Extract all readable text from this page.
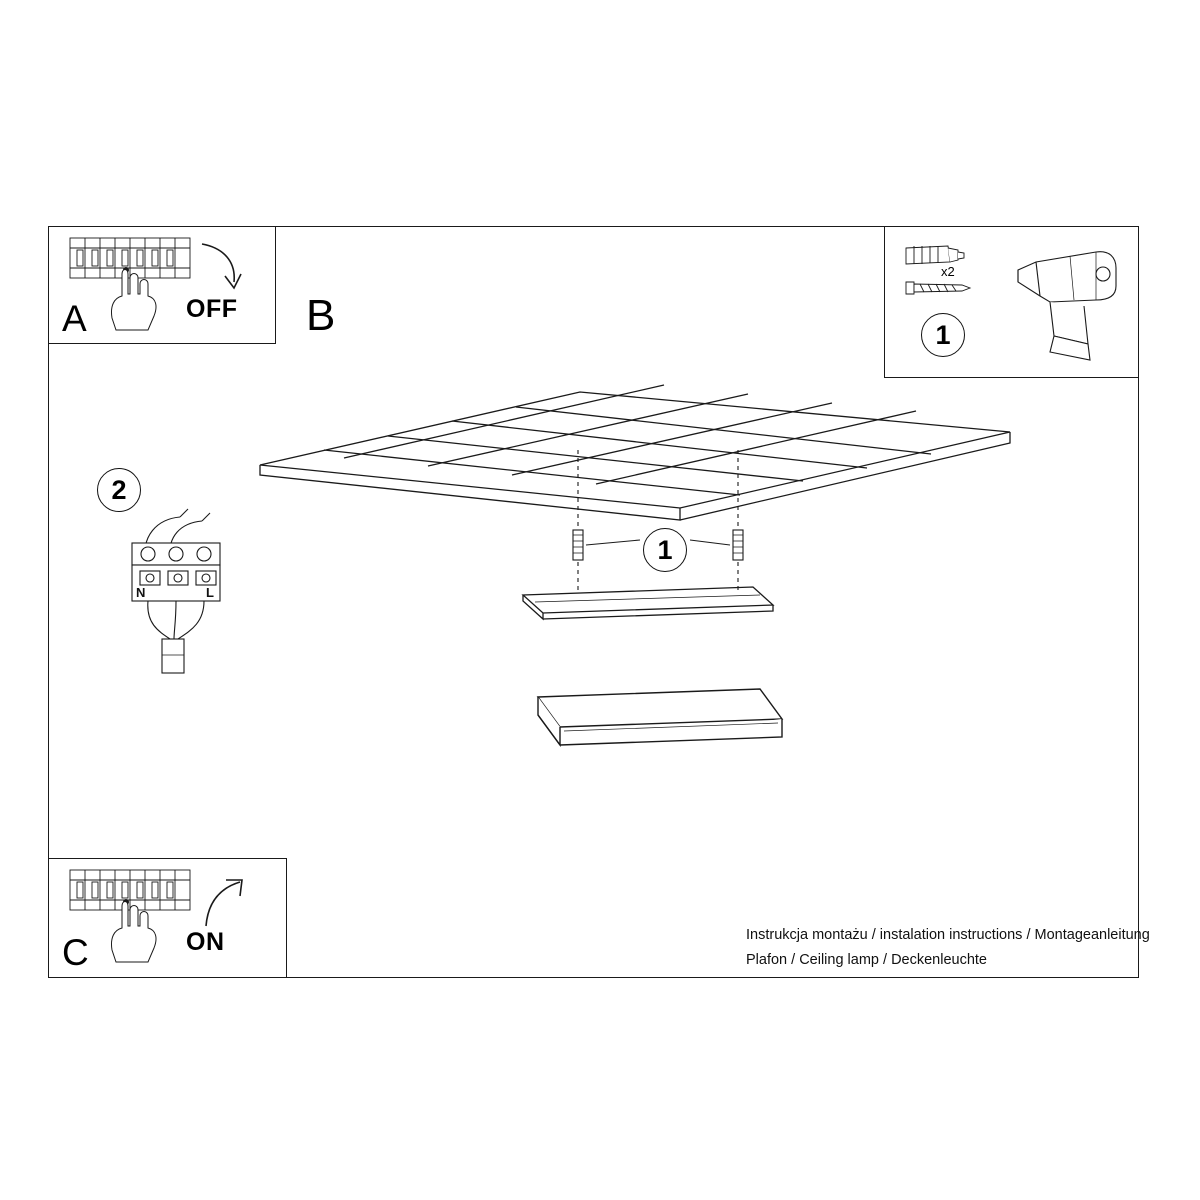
1
A	OFF B
x2
1
2
N	L
C	ON	Instrukcja montażu / instalation instructions / Montageanleitung
Plafon / Ceiling lamp / Deckenleuchte
